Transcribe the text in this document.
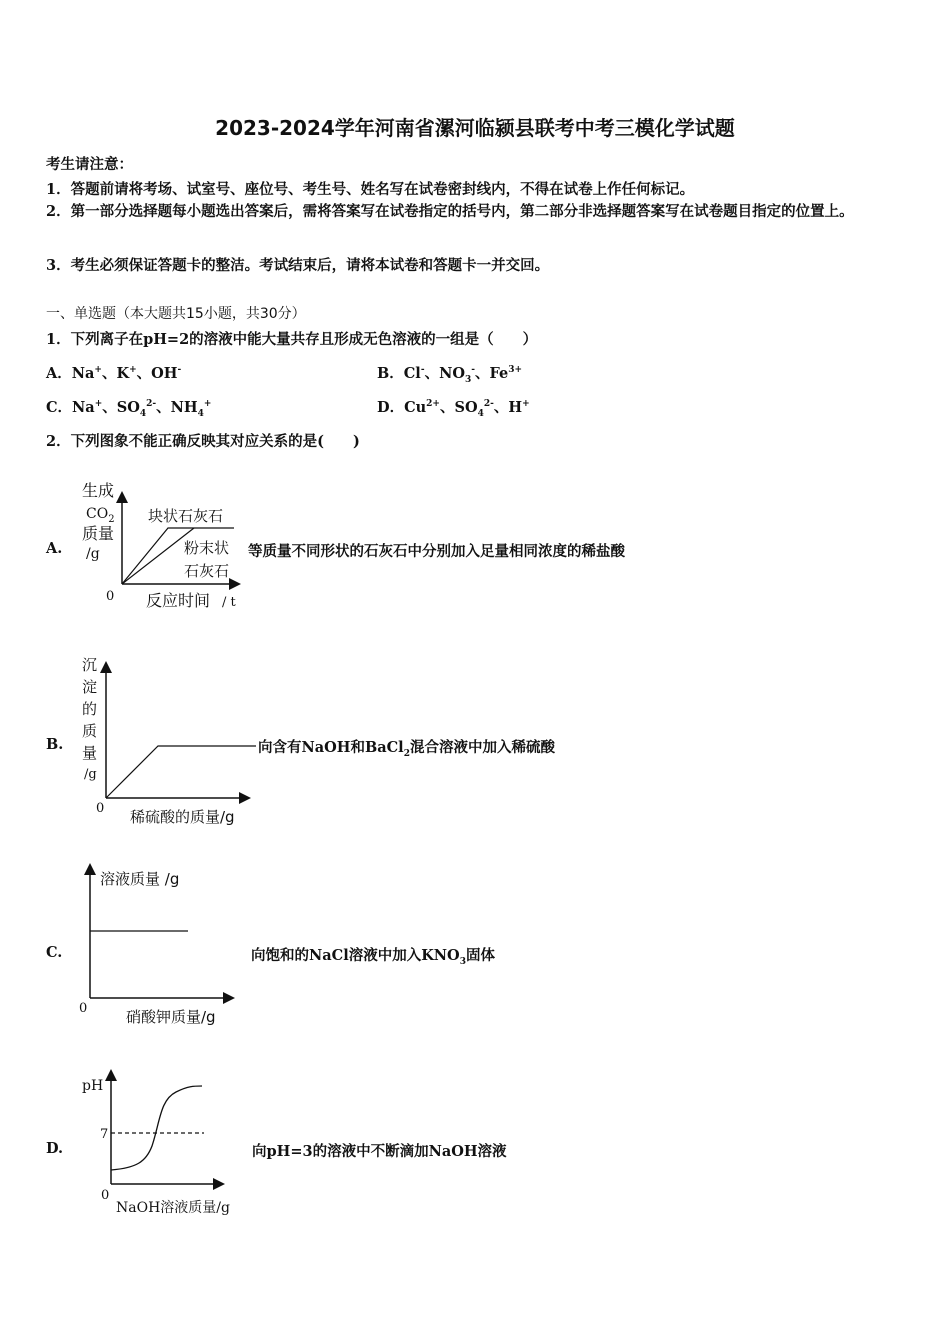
2023-2024学年河南省漯河临颍县联考中考三模化学试题
考生请注意：
1．答题前请将考场、试室号、座位号、考生号、姓名写在试卷密封线内，不得在试卷上作任何标记。
2．第一部分选择题每小题选出答案后，需将答案写在试卷指定的括号内，第二部分非选择题答案写在试卷题目指定的位置上。
3．考生必须保证答题卡的整洁。考试结束后，请将本试卷和答题卡一并交回。
一、单选题（本大题共15小题，共30分）
1．下列离子在pH=2的溶液中能大量共存且形成无色溶液的一组是（　　）
A．Na+、K+、OH-	B．Cl-、$NO_3^-$、$Fe^{3+}$
C．Na+、$SO_4^{2-}$、$NH_4^+$	D．$Cu^{2+}$、$SO_4^{2-}$、H+
2．下列图象不能正确反映其对应关系的是(　　)
A.
生成
$CO_2$
质量
/g
0 反应时间 / t
块状石灰石
粉末状
石灰石
等质量不同形状的石灰石中分别加入足量相同浓度的稀盐酸
B.
沉
淀
的
质
量
/g
0 稀硫酸的质量/g
向含有NaOH和BaCl$_2$混合溶液中加入稀硫酸
C.
溶液质量 /g
0	硝酸钾质量/g
向饱和的NaCl溶液中加入$KNO_3$固体
D.
pH
7
0
NaOH溶液质量/g
向pH=3的溶液中不断滴加NaOH溶液
